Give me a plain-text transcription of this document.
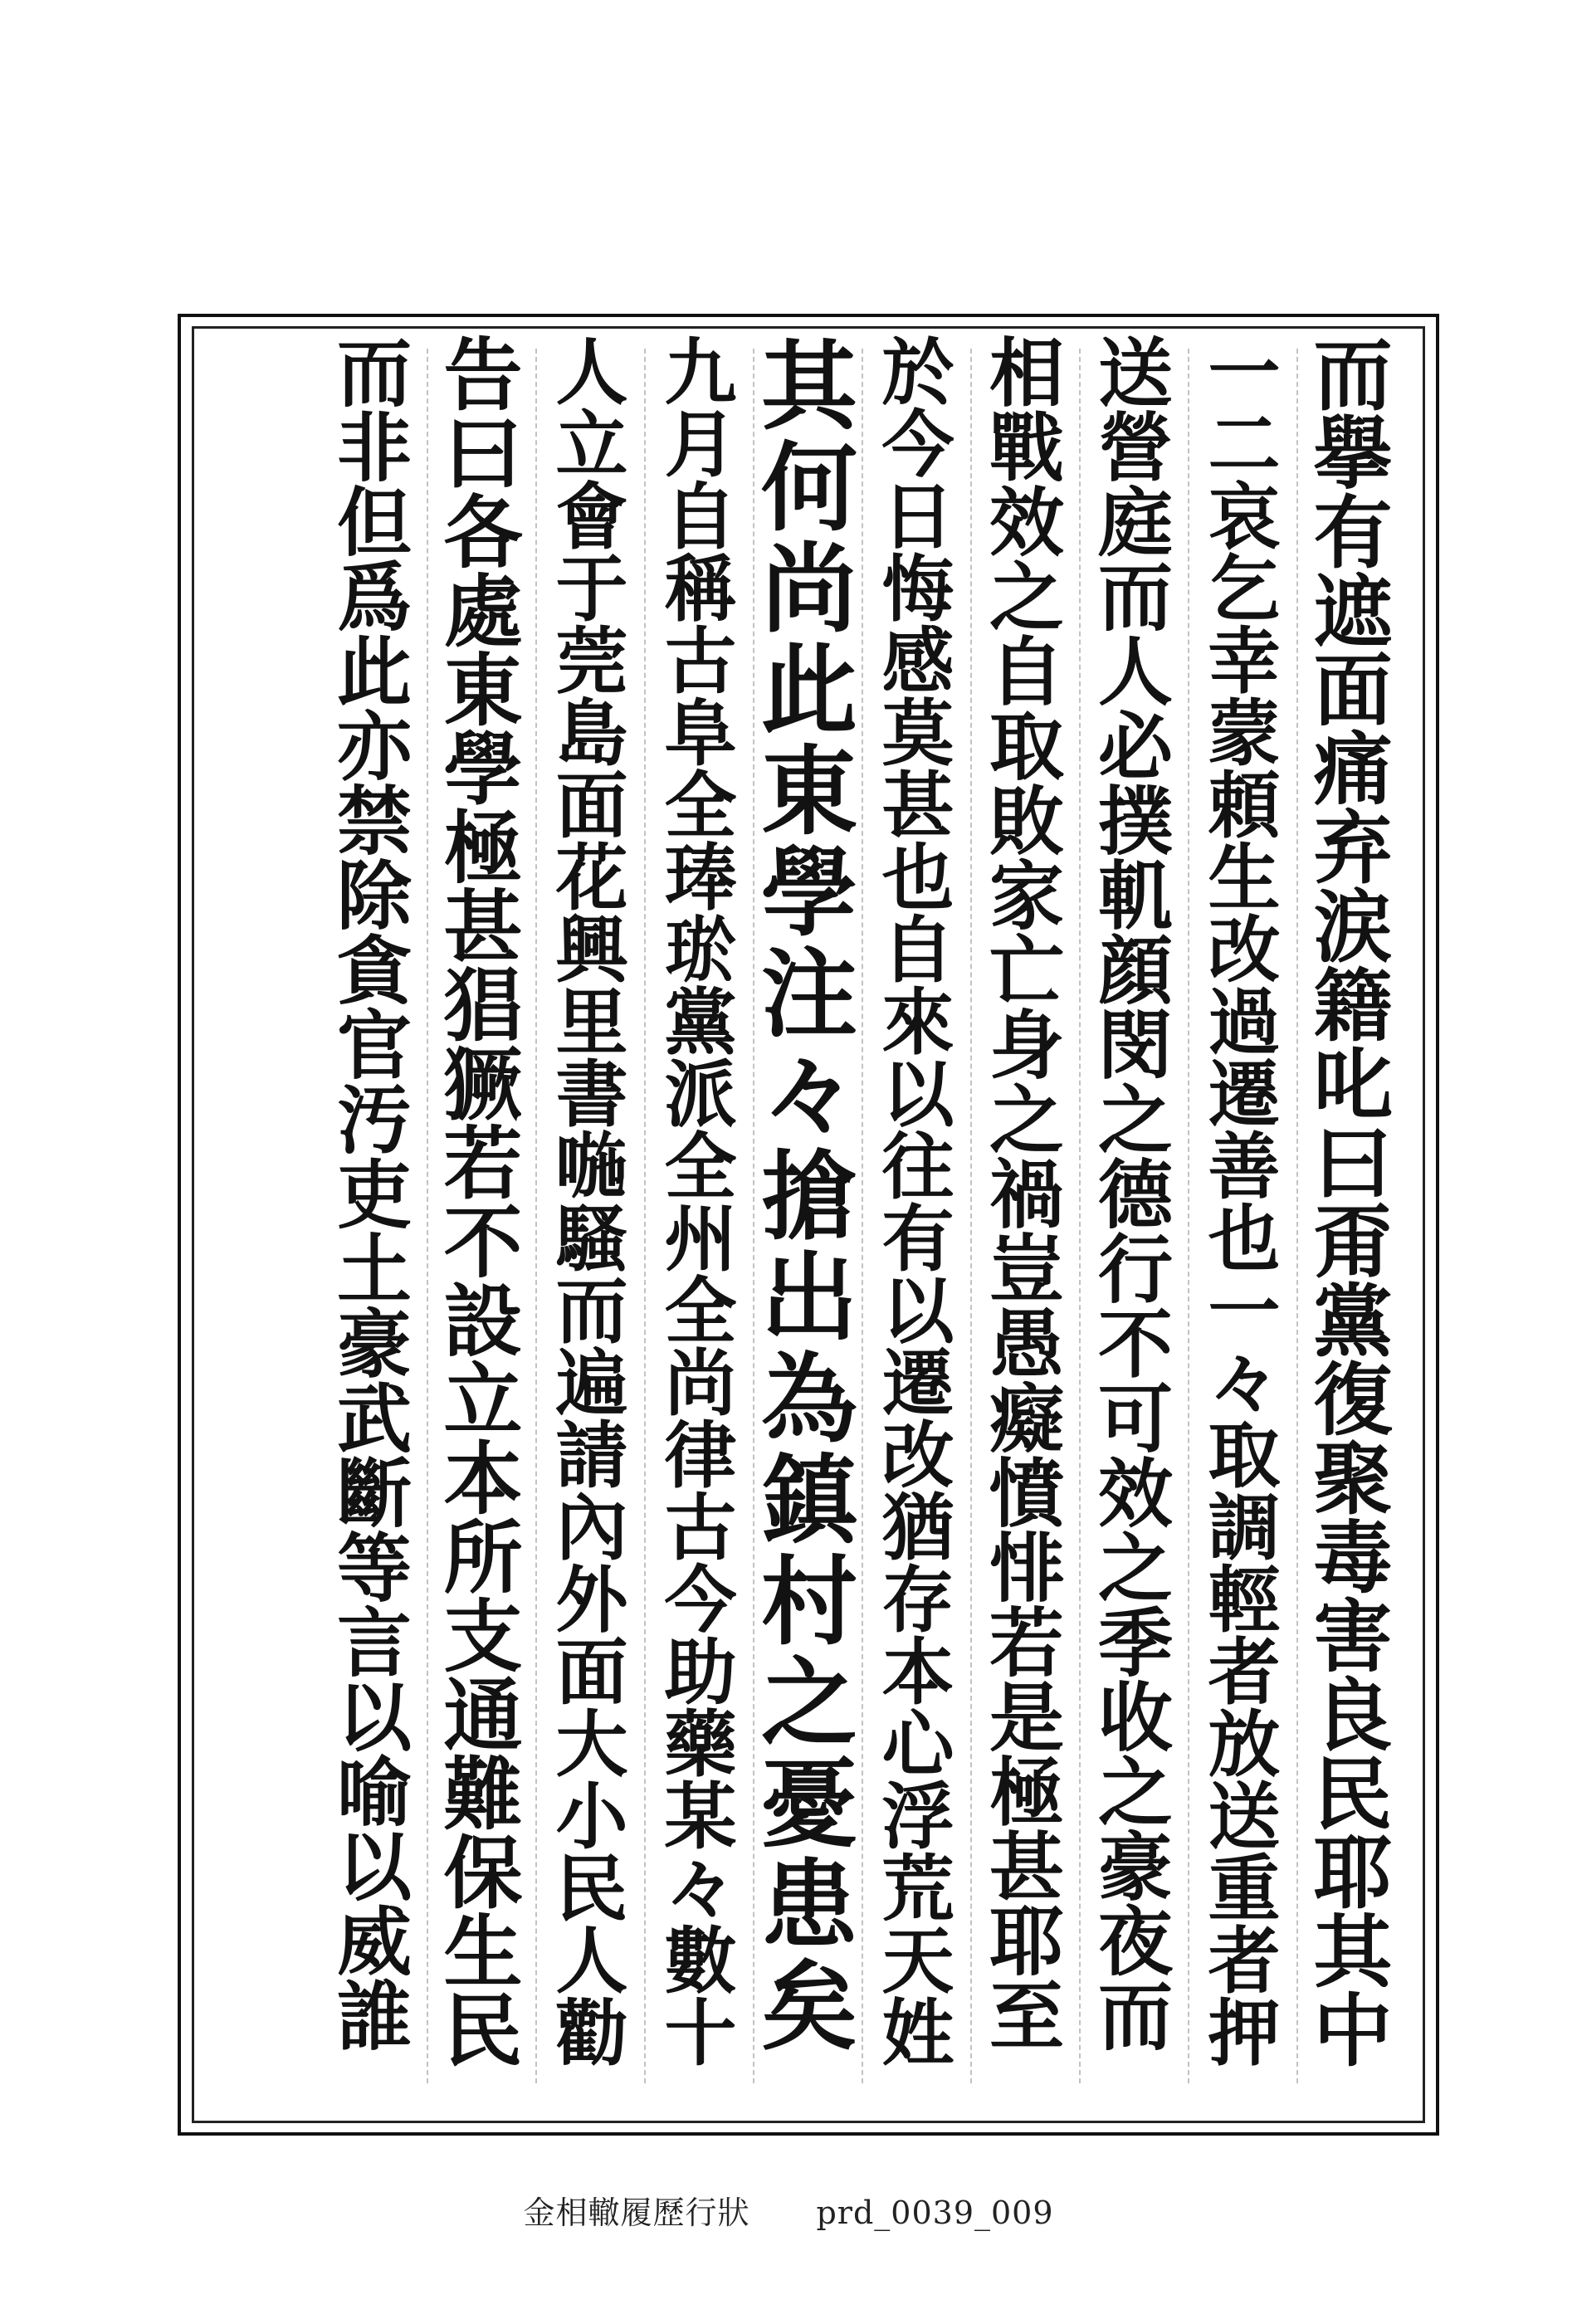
而
擧
有
遮
面
痛
弃
涙
籍
叱
曰
甭
黨
復
聚
毒
害
良
民
耶
其
中
一
二
哀
乞
幸
蒙
頼
生
改
過
遷
善
也
一
々
取
調
輕
者
放
送
重
者
押
送
營
庭
而
人
必
撲
䡄
顔
閔
之
德
行
不
可
效
之
季
收
之
豪
夜
而
相
戰
效
之
自
取
敗
家
亡
身
之
禍
豈
愚
癡
憤
悱
若
是
極
甚
耶
至
於
今
日
悔
感
莫
甚
也
自
來
以
往
有
以
遷
改
猶
存
本
心
浮
荒
天
姓
其
何
尚
此
東
學
注
々
搶
出
為
鎮
村
之
憂
患
矣
九
月
自
稱
古
阜
全
琫
𤥽
黨
派
全
州
全
尚
律
古
今
助
藥
某
々
數
十
人
立
會
于
莞
島
面
花
興
里
書
𠷇
騷
而
遍
請
內
外
面
大
小
民
人
勸
告
曰
各
處
東
學
極
甚
猖
獗
若
不
設
立
本
所
支
通
難
保
生
民
而
非
但
爲
此
亦
禁
除
貪
官
汚
吏
土
豪
武
斷
等
言
以
喻
以
威
誰
金相轍履歷行狀 prd_0039_009
